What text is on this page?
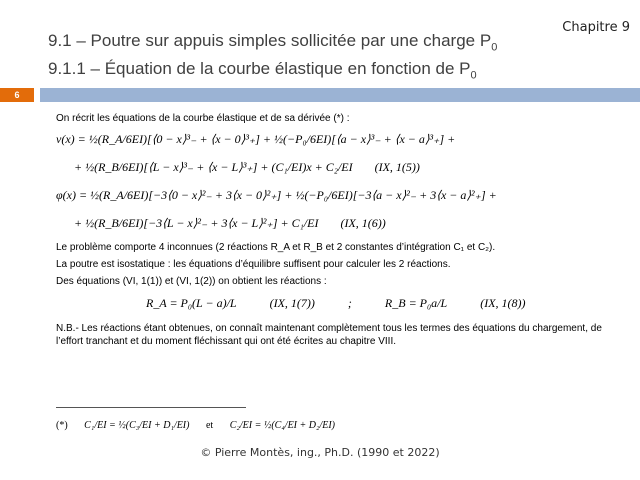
Chapitre 9
9.1 – Poutre sur appuis simples sollicitée par une charge $P_0$
9.1.1 – Équation de la courbe élastique en fonction de $P_0$
6
On récrit les équations de la courbe élastique et de sa dérivée (*) :
v(x) = ½(R_A/6EI)[⟨0 − x⟩³₋ + ⟨x − 0⟩³₊] + ½(−P₀/6EI)[⟨a − x⟩³₋ + ⟨x − a⟩³₊] +
+ ½(R_B/6EI)[⟨L − x⟩³₋ + ⟨x − L⟩³₊] + (C₁/EI)x + C₂/EI (IX, 1(5))
φ(x) = ½(R_A/6EI)[−3⟨0 − x⟩²₋ + 3⟨x − 0⟩²₊] + ½(−P₀/6EI)[−3⟨a − x⟩²₋ + 3⟨x − a⟩²₊] +
+ ½(R_B/6EI)[−3⟨L − x⟩²₋ + 3⟨x − L⟩²₊] + C₁/EI (IX, 1(6))
Le problème comporte 4 inconnues (2 réactions R_A et R_B et 2 constantes d’intégration C₁ et C₂).
La poutre est isostatique : les équations d’équilibre suffisent pour calculer les 2 réactions.
Des équations (VI, 1(1)) et (VI, 1(2)) on obtient les réactions :
R_A = P₀(L − a)/L	(IX, 1(7))	;	R_B = P₀a/L	(IX, 1(8))
N.B.- Les réactions étant obtenues, on connaît maintenant complètement tous les termes des équations du chargement, de
l’effort tranchant et du moment fléchissant qui ont été écrites au chapitre VIII.
(*) C₁/EI = ½(C₃/EI + D₁/EI) et C₂/EI = ½(C₄/EI + D₂/EI)
© Pierre Montès, ing., Ph.D. (1990 et 2022)
